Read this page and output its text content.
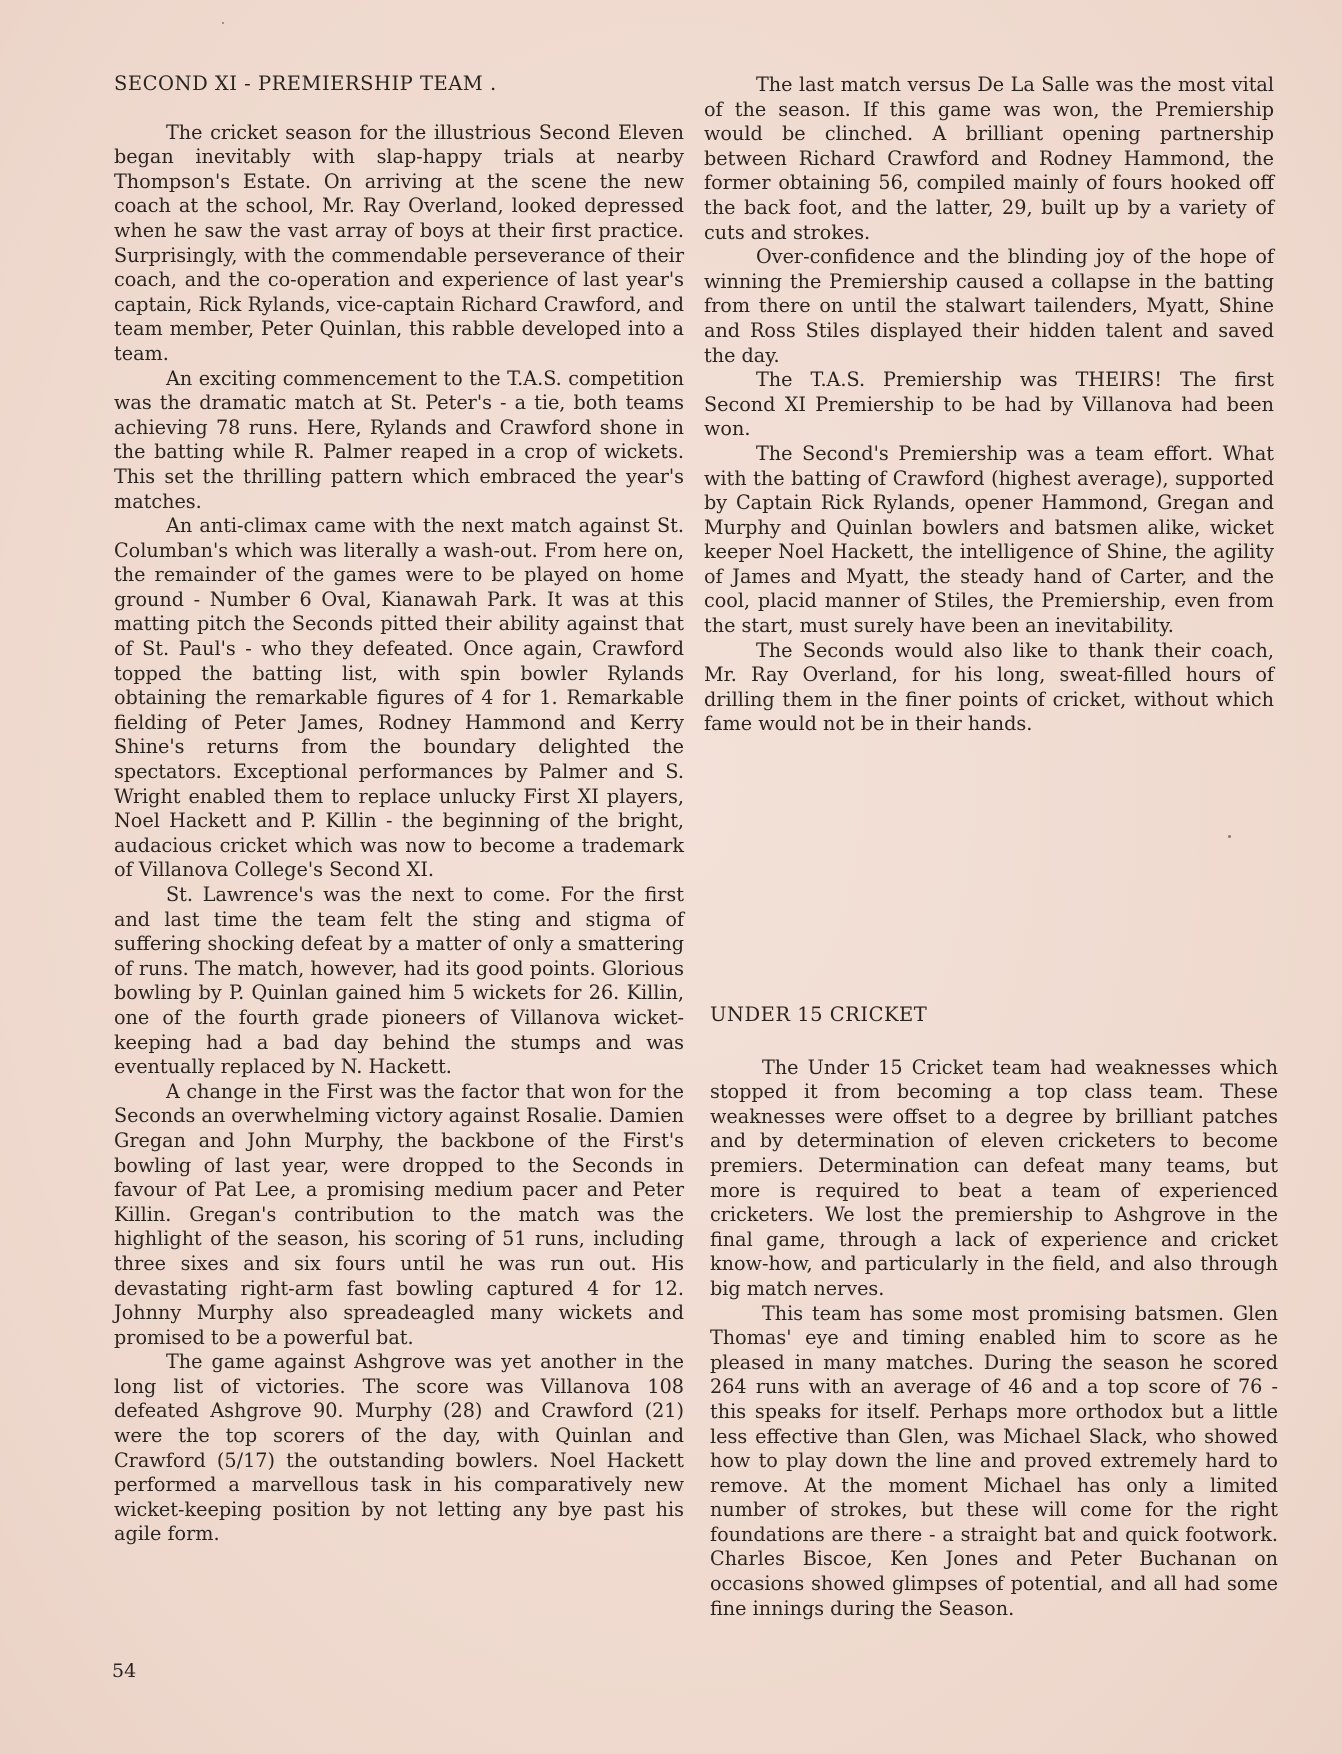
SECOND XI - PREMIERSHIP TEAM .

The cricket season for the illustrious Second Eleven began inevitably with slap-happy trials at nearby Thompson's Estate. On arriving at the scene the new coach at the school, Mr. Ray Overland, looked depressed when he saw the vast array of boys at their first practice. Surprisingly, with the commendable perseverance of their coach, and the co-operation and experience of last year's captain, Rick Rylands, vice-captain Richard Crawford, and team member, Peter Quinlan, this rabble developed into a team.

An exciting commencement to the T.A.S. competition was the dramatic match at St. Peter's - a tie, both teams achieving 78 runs. Here, Rylands and Crawford shone in the batting while R. Palmer reaped in a crop of wickets. This set the thrilling pattern which embraced the year's matches.

An anti-climax came with the next match against St. Columban's which was literally a wash-out. From here on, the remainder of the games were to be played on home ground - Number 6 Oval, Kianawah Park. It was at this matting pitch the Seconds pitted their ability against that of St. Paul's - who they defeated. Once again, Crawford topped the batting list, with spin bowler Rylands obtaining the remarkable figures of 4 for 1. Remarkable fielding of Peter James, Rodney Hammond and Kerry Shine's returns from the boundary delighted the spectators. Exceptional performances by Palmer and S. Wright enabled them to replace unlucky First XI players, Noel Hackett and P. Killin - the beginning of the bright, audacious cricket which was now to become a trademark of Villanova College's Second XI.

St. Lawrence's was the next to come. For the first and last time the team felt the sting and stigma of suffering shocking defeat by a matter of only a smattering of runs. The match, however, had its good points. Glorious bowling by P. Quinlan gained him 5 wickets for 26. Killin, one of the fourth grade pioneers of Villanova wicket-keeping had a bad day behind the stumps and was eventually replaced by N. Hackett.

A change in the First was the factor that won for the Seconds an overwhelming victory against Rosalie. Damien Gregan and John Murphy, the backbone of the First's bowling of last year, were dropped to the Seconds in favour of Pat Lee, a promising medium pacer and Peter Killin. Gregan's contribution to the match was the highlight of the season, his scoring of 51 runs, including three sixes and six fours until he was run out. His devastating right-arm fast bowling captured 4 for 12. Johnny Murphy also spreadeagled many wickets and promised to be a powerful bat.

The game against Ashgrove was yet another in the long list of victories. The score was Villanova 108 defeated Ashgrove 90. Murphy (28) and Crawford (21) were the top scorers of the day, with Quinlan and Crawford (5/17) the outstanding bowlers. Noel Hackett performed a marvellous task in his comparatively new wicket-keeping position by not letting any bye past his agile form.

The last match versus De La Salle was the most vital of the season. If this game was won, the Premiership would be clinched. A brilliant opening partnership between Richard Crawford and Rodney Hammond, the former obtaining 56, compiled mainly of fours hooked off the back foot, and the latter, 29, built up by a variety of cuts and strokes.

Over-confidence and the blinding joy of the hope of winning the Premiership caused a collapse in the batting from there on until the stalwart tailenders, Myatt, Shine and Ross Stiles displayed their hidden talent and saved the day.

The T.A.S. Premiership was THEIRS! The first Second XI Premiership to be had by Villanova had been won.

The Second's Premiership was a team effort. What with the batting of Crawford (highest average), supported by Captain Rick Rylands, opener Hammond, Gregan and Murphy and Quinlan bowlers and batsmen alike, wicket keeper Noel Hackett, the intelligence of Shine, the agility of James and Myatt, the steady hand of Carter, and the cool, placid manner of Stiles, the Premiership, even from the start, must surely have been an inevitability.

The Seconds would also like to thank their coach, Mr. Ray Overland, for his long, sweat-filled hours of drilling them in the finer points of cricket, without which fame would not be in their hands.

UNDER 15 CRICKET

The Under 15 Cricket team had weaknesses which stopped it from becoming a top class team. These weaknesses were offset to a degree by brilliant patches and by determination of eleven cricketers to become premiers. Determination can defeat many teams, but more is required to beat a team of experienced cricketers. We lost the premiership to Ashgrove in the final game, through a lack of experience and cricket know-how, and particularly in the field, and also through big match nerves.

This team has some most promising batsmen. Glen Thomas' eye and timing enabled him to score as he pleased in many matches. During the season he scored 264 runs with an average of 46 and a top score of 76 - this speaks for itself. Perhaps more orthodox but a little less effective than Glen, was Michael Slack, who showed how to play down the line and proved extremely hard to remove. At the moment Michael has only a limited number of strokes, but these will come for the right foundations are there - a straight bat and quick footwork. Charles Biscoe, Ken Jones and Peter Buchanan on occasions showed glimpses of potential, and all had some fine innings during the Season.

54
